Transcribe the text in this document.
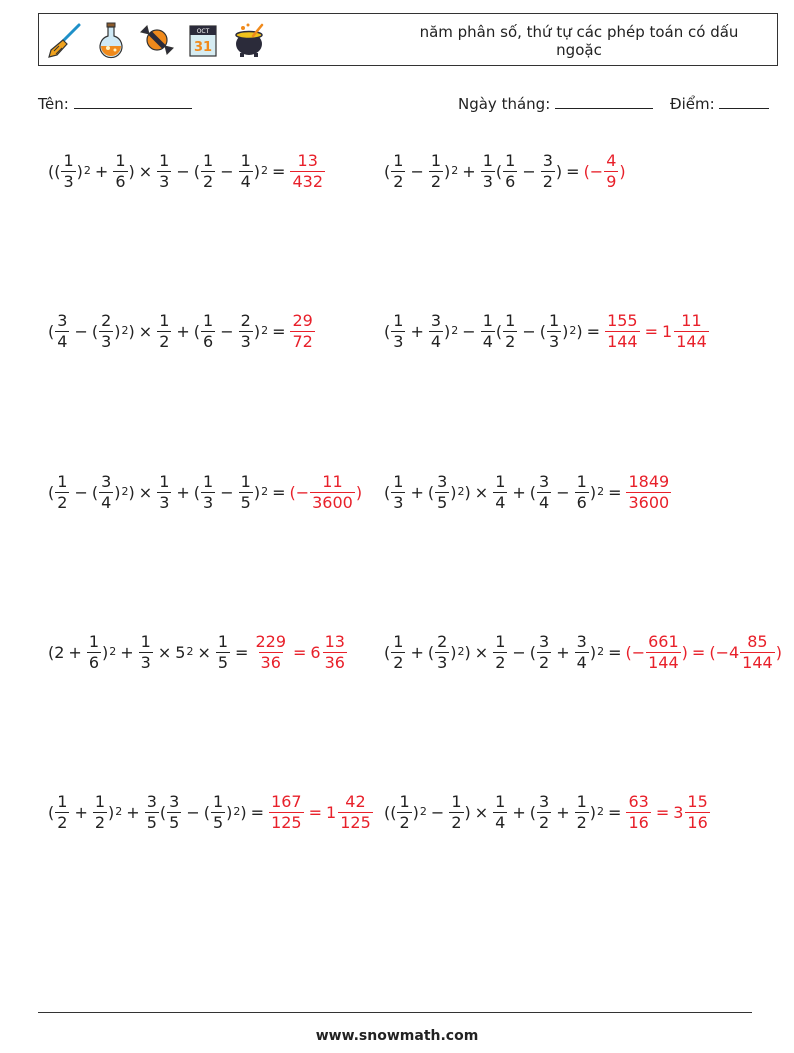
OCT
31
năm phân số, thứ tự các phép toán có dấu ngoặc
Tên:	Ngày tháng:	Điểm:
(( $\frac{1}{3}$ ) $2 + \frac{1}{6}$ ) × $\frac{1}{3}$ − ( $\frac{1}{2} - \frac{1}{4}$ ) $2 = \frac{13}{432}$	( $\frac{1}{2} - \frac{1}{2}$ ) $2 + \frac{1}{3}$ ( $\frac{1}{6} - \frac{3}{2}$ ) = (− $\frac{4}{9}$ )
( $\frac{3}{4}$ − ( $\frac{2}{3}$ ) 2 ) × $\frac{1}{2}$ + ( $\frac{1}{6} - \frac{2}{3}$ ) $2 = \frac{29}{72}$	( $\frac{1}{3} + \frac{3}{4}$ ) $2 - \frac{1}{4}$ ( $\frac{1}{2}$ − ( $\frac{1}{3}$ ) 2 ) = $\frac{155}{144} = 1 \frac{11}{144}$
( $\frac{1}{2}$ − ( $\frac{3}{4}$ ) 2 ) × $\frac{1}{3}$ + ( $\frac{1}{3} - \frac{1}{5}$ ) 2 = (− $\frac{11}{3600}$ ) ( $\frac{1}{3}$ + ( $\frac{3}{5}$ ) 2 ) × $\frac{1}{4}$ + ( $\frac{3}{4} - \frac{1}{6}$ ) $2 = \frac{1849}{3600}$
($2 + \frac{1}{6}$ ) $2 + \frac{1}{3} \times 5$ $2 \times \frac{1}{5} = \frac{229}{36} = 6 \frac{13}{36}$ ( $\frac{1}{2}$ + ( $\frac{2}{3}$ ) 2 ) × $\frac{1}{2}$ − ( $\frac{3}{2} + \frac{3}{4}$ ) 2 = (− $\frac{661}{144}$ ) = ($-4 \frac{85}{144}$ )
( $\frac{1}{2} + \frac{1}{2}$ ) $2 + \frac{3}{5}$ ( $\frac{3}{5}$ − ( $\frac{1}{5}$ ) 2 ) = $\frac{167}{125} = 1 \frac{42}{125}$ (( $\frac{1}{2}$ ) $2 - \frac{1}{2}$ ) × $\frac{1}{4}$ + ( $\frac{3}{2} + \frac{1}{2}$ ) $2 = \frac{63}{16} = 3 \frac{15}{16}$
www.snowmath.com
